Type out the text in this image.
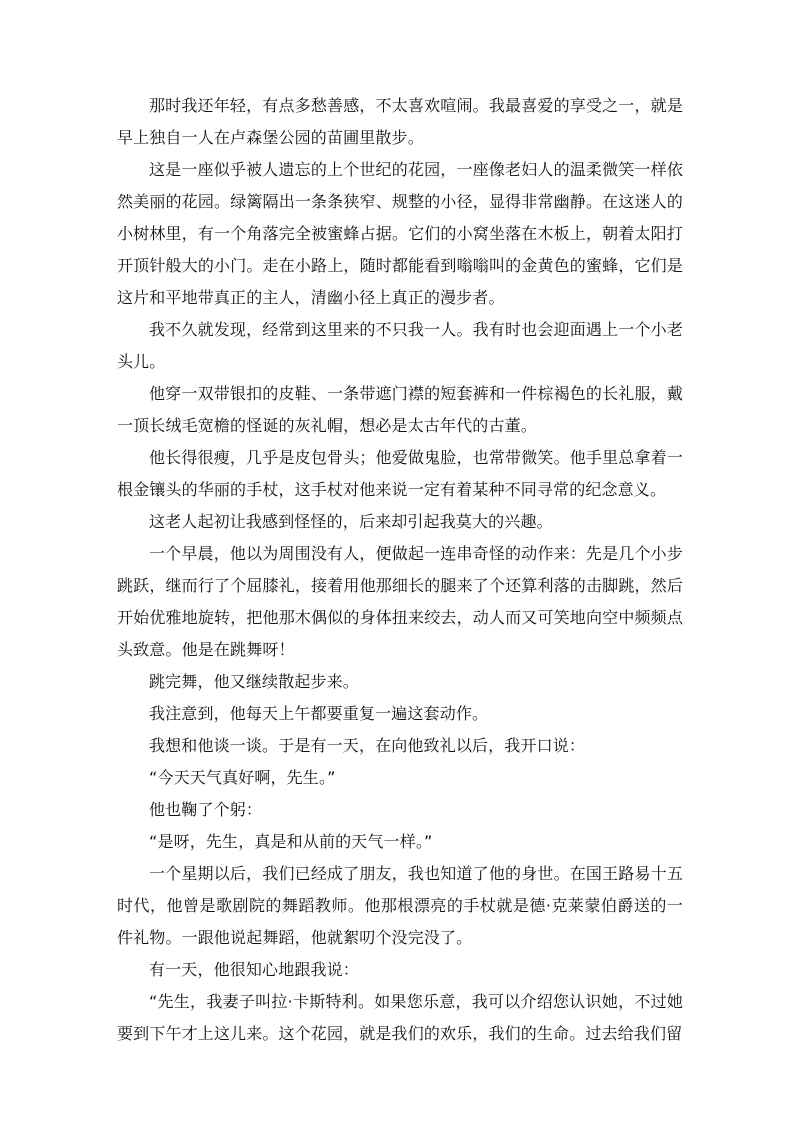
那时我还年轻，有点多愁善感，不太喜欢喧闹。我最喜爱的享受之一，就是早上独自一人在卢森堡公园的苗圃里散步。

这是一座似乎被人遗忘的上个世纪的花园，一座像老妇人的温柔微笑一样依然美丽的花园。绿篱隔出一条条狭窄、规整的小径，显得非常幽静。在这迷人的小树林里，有一个角落完全被蜜蜂占据。它们的小窝坐落在木板上，朝着太阳打开顶针般大的小门。走在小路上，随时都能看到嗡嗡叫的金黄色的蜜蜂，它们是这片和平地带真正的主人，清幽小径上真正的漫步者。

我不久就发现，经常到这里来的不只我一人。我有时也会迎面遇上一个小老头儿。

他穿一双带银扣的皮鞋、一条带遮门襟的短套裤和一件棕褐色的长礼服，戴一顶长绒毛宽檐的怪诞的灰礼帽，想必是太古年代的古董。

他长得很瘦，几乎是皮包骨头；他爱做鬼脸，也常带微笑。他手里总拿着一根金镶头的华丽的手杖，这手杖对他来说一定有着某种不同寻常的纪念意义。

这老人起初让我感到怪怪的，后来却引起我莫大的兴趣。

一个早晨，他以为周围没有人，便做起一连串奇怪的动作来：先是几个小步跳跃，继而行了个屈膝礼，接着用他那细长的腿来了个还算利落的击脚跳，然后开始优雅地旋转，把他那木偶似的身体扭来绞去，动人而又可笑地向空中频频点头致意。他是在跳舞呀！

跳完舞，他又继续散起步来。

我注意到，他每天上午都要重复一遍这套动作。

我想和他谈一谈。于是有一天，在向他致礼以后，我开口说：

“今天天气真好啊，先生。”

他也鞠了个躬：

“是呀，先生，真是和从前的天气一样。”

一个星期以后，我们已经成了朋友，我也知道了他的身世。在国王路易十五时代，他曾是歌剧院的舞蹈教师。他那根漂亮的手杖就是德·克莱蒙伯爵送的一件礼物。一跟他说起舞蹈，他就絮叨个没完没了。

有一天，他很知心地跟我说：

“先生，我妻子叫拉·卡斯特利。如果您乐意，我可以介绍您认识她，不过她要到下午才上这儿来。这个花园，就是我们的欢乐，我们的生命。过去给我们留
